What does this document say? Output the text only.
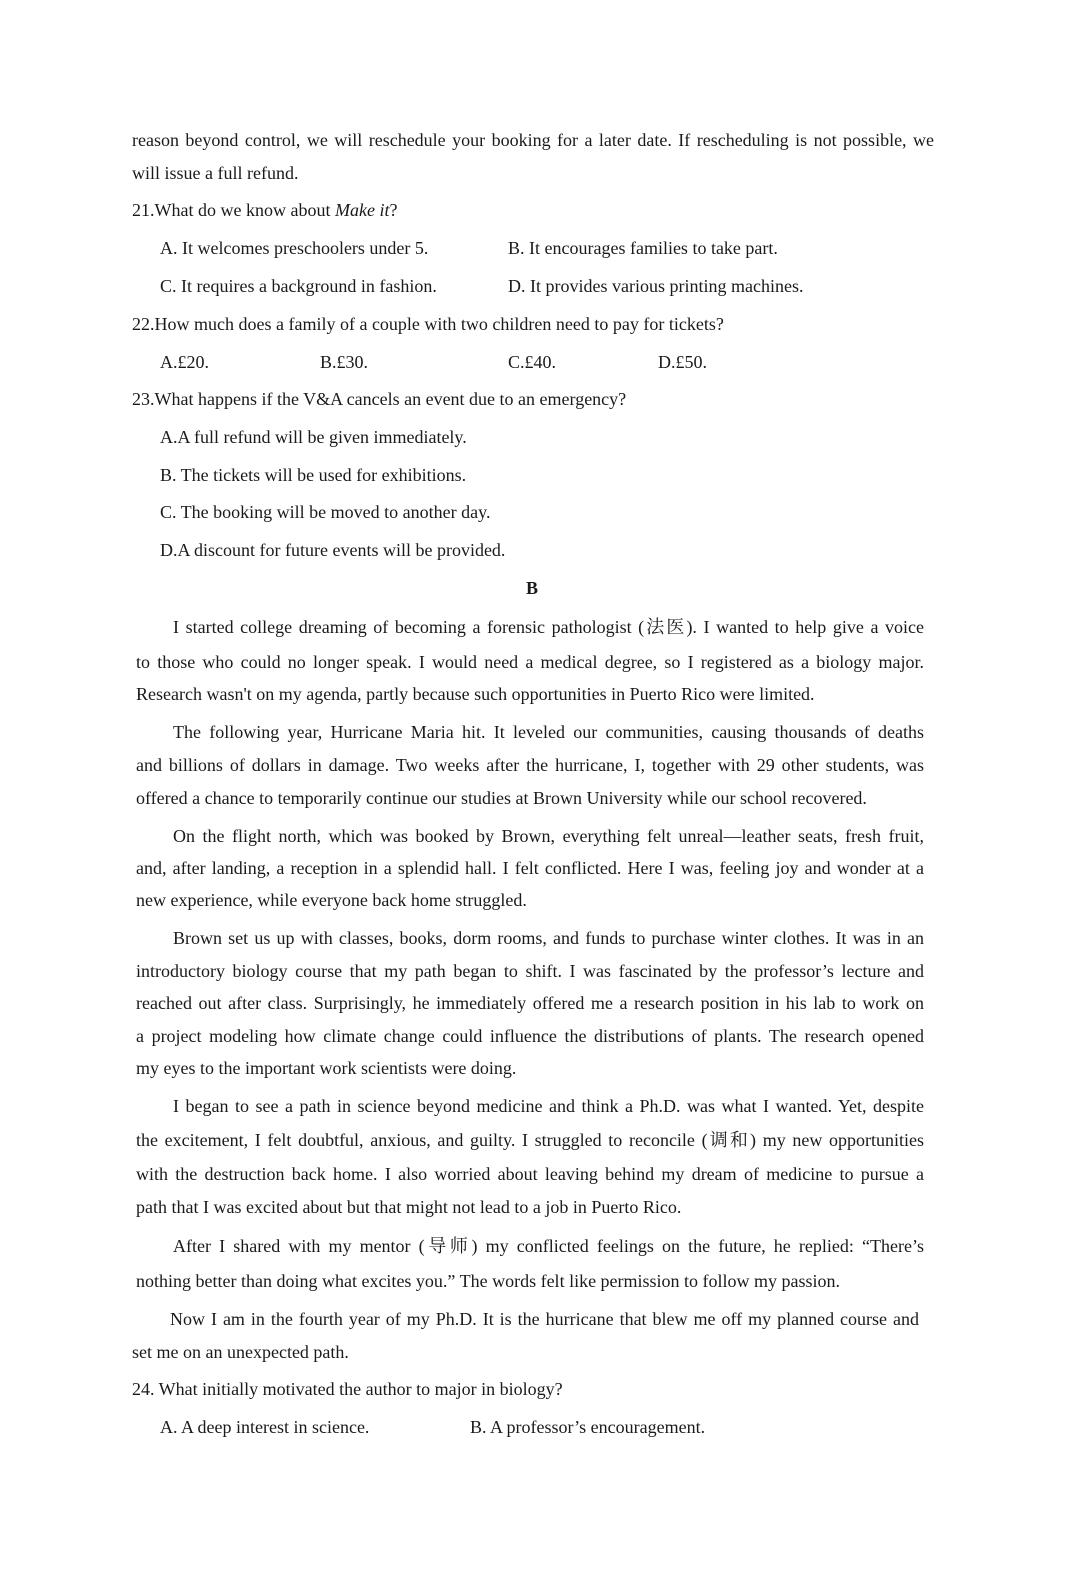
reason beyond control, we will reschedule your booking for a later date. If rescheduling is not possible, we
will issue a full refund.
21.What do we know about Make it?
A. It welcomes preschoolers under 5.	B. It encourages families to take part.
C. It requires a background in fashion.	D. It provides various printing machines.
22.How much does a family of a couple with two children need to pay for tickets?
A.£20.	B.£30.	C.£40.	D.£50.
23.What happens if the V&A cancels an event due to an emergency?
A.A full refund will be given immediately.
B. The tickets will be used for exhibitions.
C. The booking will be moved to another day.
D.A discount for future events will be provided.
B
I started college dreaming of becoming a forensic pathologist (法医). I wanted to help give a voice
to those who could no longer speak. I would need a medical degree, so I registered as a biology major.
Research wasn't on my agenda, partly because such opportunities in Puerto Rico were limited.
The following year, Hurricane Maria hit. It leveled our communities, causing thousands of deaths
and billions of dollars in damage. Two weeks after the hurricane, I, together with 29 other students, was
offered a chance to temporarily continue our studies at Brown University while our school recovered.
On the flight north, which was booked by Brown, everything felt unreal—leather seats, fresh fruit,
and, after landing, a reception in a splendid hall. I felt conflicted. Here I was, feeling joy and wonder at a
new experience, while everyone back home struggled.
Brown set us up with classes, books, dorm rooms, and funds to purchase winter clothes. It was in an
introductory biology course that my path began to shift. I was fascinated by the professor’s lecture and
reached out after class. Surprisingly, he immediately offered me a research position in his lab to work on
a project modeling how climate change could influence the distributions of plants. The research opened
my eyes to the important work scientists were doing.
I began to see a path in science beyond medicine and think a Ph.D. was what I wanted. Yet, despite
the excitement, I felt doubtful, anxious, and guilty. I struggled to reconcile (调和) my new opportunities
with the destruction back home. I also worried about leaving behind my dream of medicine to pursue a
path that I was excited about but that might not lead to a job in Puerto Rico.
After I shared with my mentor (导师) my conflicted feelings on the future, he replied: “There’s
nothing better than doing what excites you.” The words felt like permission to follow my passion.
Now I am in the fourth year of my Ph.D. It is the hurricane that blew me off my planned course and
set me on an unexpected path.
24. What initially motivated the author to major in biology?
A. A deep interest in science.	B. A professor’s encouragement.
